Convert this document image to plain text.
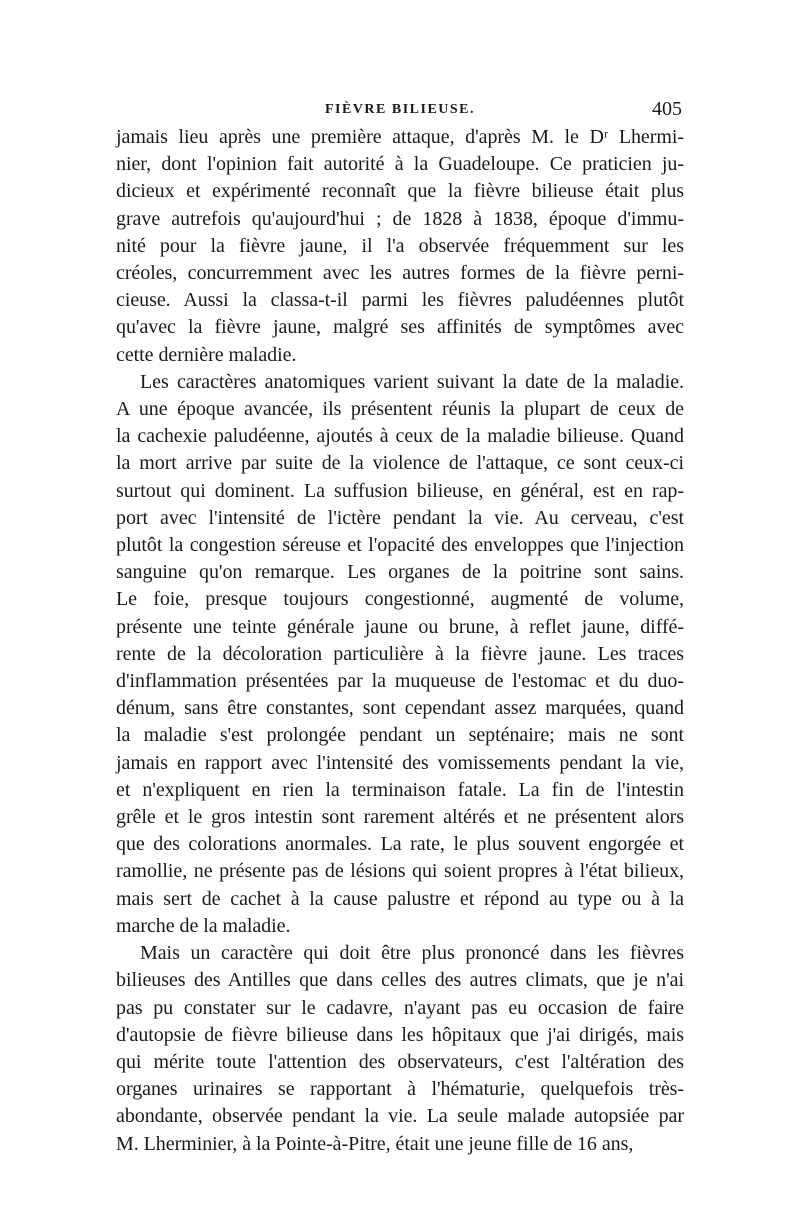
FIÈVRE BILIEUSE.	405
jamais lieu après une première attaque, d'après M. le Dʳ Lhermi-
nier, dont l'opinion fait autorité à la Guadeloupe. Ce praticien ju-
dicieux et expérimenté reconnaît que la fièvre bilieuse était plus
grave autrefois qu'aujourd'hui ; de 1828 à 1838, époque d'immu-
nité pour la fièvre jaune, il l'a observée fréquemment sur les
créoles, concurremment avec les autres formes de la fièvre perni-
cieuse. Aussi la classa-t-il parmi les fièvres paludéennes plutôt
qu'avec la fièvre jaune, malgré ses affinités de symptômes avec
cette dernière maladie.
Les caractères anatomiques varient suivant la date de la maladie.
A une époque avancée, ils présentent réunis la plupart de ceux de
la cachexie paludéenne, ajoutés à ceux de la maladie bilieuse. Quand
la mort arrive par suite de la violence de l'attaque, ce sont ceux-ci
surtout qui dominent. La suffusion bilieuse, en général, est en rap-
port avec l'intensité de l'ictère pendant la vie. Au cerveau, c'est
plutôt la congestion séreuse et l'opacité des enveloppes que l'injection
sanguine qu'on remarque. Les organes de la poitrine sont sains.
Le foie, presque toujours congestionné, augmenté de volume,
présente une teinte générale jaune ou brune, à reflet jaune, diffé-
rente de la décoloration particulière à la fièvre jaune. Les traces
d'inflammation présentées par la muqueuse de l'estomac et du duo-
dénum, sans être constantes, sont cependant assez marquées, quand
la maladie s'est prolongée pendant un septénaire; mais ne sont
jamais en rapport avec l'intensité des vomissements pendant la vie,
et n'expliquent en rien la terminaison fatale. La fin de l'intestin
grêle et le gros intestin sont rarement altérés et ne présentent alors
que des colorations anormales. La rate, le plus souvent engorgée et
ramollie, ne présente pas de lésions qui soient propres à l'état bilieux,
mais sert de cachet à la cause palustre et répond au type ou à la
marche de la maladie.
Mais un caractère qui doit être plus prononcé dans les fièvres
bilieuses des Antilles que dans celles des autres climats, que je n'ai
pas pu constater sur le cadavre, n'ayant pas eu occasion de faire
d'autopsie de fièvre bilieuse dans les hôpitaux que j'ai dirigés, mais
qui mérite toute l'attention des observateurs, c'est l'altération des
organes urinaires se rapportant à l'hématurie, quelquefois très-
abondante, observée pendant la vie. La seule malade autopsiée par
M. Lherminier, à la Pointe-à-Pitre, était une jeune fille de 16 ans,
